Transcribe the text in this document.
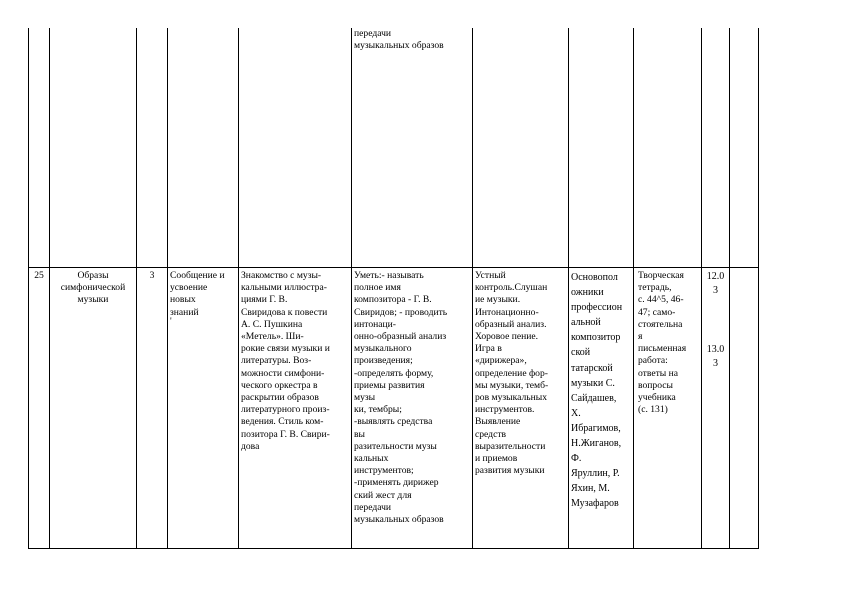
передачи
музыкальных образов
25	Образы
симфонической
музыки
3	Сообщение и
усвоение
новых
знаний
'
Знакомство с музы-
кальными иллюстра-
циями Г. В.
Свиридова к повести
А. С. Пушкина
«Метель». Ши-
рокие связи музыки и
литературы. Воз-
можности симфони-
ческого оркестра в
раскрытии образов
литературного произ-
ведения. Стиль ком-
позитора Г. В. Свири-
дова
Уметь:- называть
полное имя
композитора - Г. В.
Свиридов; - проводить
интонаци-
онно-образный анализ
музыкального
произведения;
-определять форму,
приемы развития
музы
ки, тембры;
-выявлять средства
вы
разительности музы
кальных
инструментов;
-применять дирижер
ский жест для
передачи
музыкальных образов
Устный
контроль.Слушан
ие музыки.
Интонационно-
образный анализ.
Хоровое пение.
Игра в
«дирижера»,
определение фор-
мы музыки, темб-
ров музыкальных
инструментов.
Выявление
средств
выразительности
и приемов
развития музыки
Основопол
ожники
профессион
альной
композитор
ской
татарской
музыки С.
Сайдашев,
Х.
Ибрагимов,
Н.Жиганов,
Ф.
Яруллин, Р.
Яхин, М.
Музафаров
Творческая
тетрадь,
с. 44^5, 46-
47; само-
стоятельна
я
письменная
работа:
ответы на
вопросы
учебника
(с. 131)
12.0
3
13.0
3
